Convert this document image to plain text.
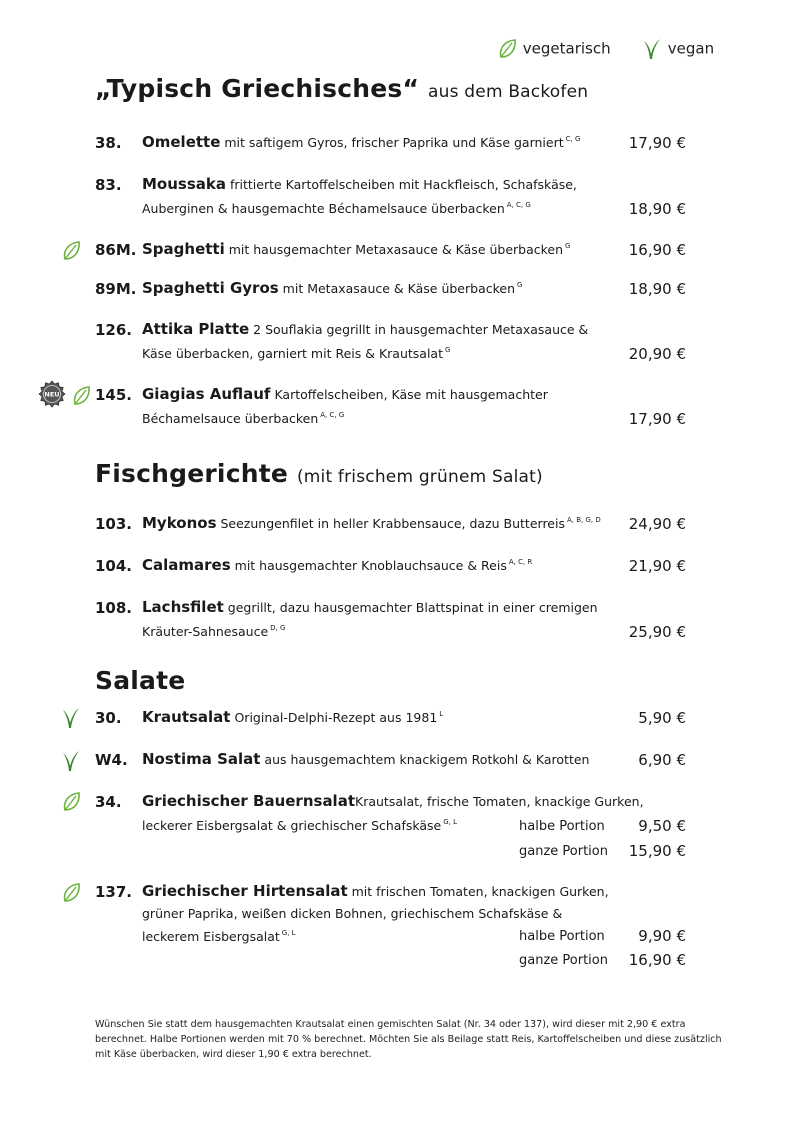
vegetarisch	vegan
„Typisch Griechisches“ aus dem Backofen
38. Omelette mit saftigem Gyros, frischer Paprika und Käse garniert $^{C, G}$	17,90 €
83. Moussaka frittierte Kartoffelscheiben mit Hackfleisch, Schafskäse,
Auberginen & hausgemachte Béchamelsauce überbacken $^{A, C, G}$	18,90 €
86M. Spaghetti mit hausgemachter Metaxasauce & Käse überbacken $^G$	16,90 €
89M. Spaghetti Gyros mit Metaxasauce & Käse überbacken $^G$	18,90 €
126. Attika Platte 2 Souflakia gegrillt in hausgemachter Metaxasauce &
Käse überbacken, garniert mit Reis & Krautsalat $^G$	20,90 €
NEU 145. Giagias Auflauf Kartoffelscheiben, Käse mit hausgemachter
Béchamelsauce überbacken $^{A, C, G}$	17,90 €
Fischgerichte (mit frischem grünem Salat)
103. Mykonos Seezungenfilet in heller Krabbensauce, dazu Butterreis $^{A, B, G, D}$ 24,90 €
104. Calamares mit hausgemachter Knoblauchsauce & Reis $^{A, C, R}$	21,90 €
108. Lachsfilet gegrillt, dazu hausgemachter Blattspinat in einer cremigen
Kräuter-Sahnesauce $^{D, G}$	25,90 €
Salate
30. Krautsalat Original-Delphi-Rezept aus 1981 $^L$	5,90 €
W4. Nostima Salat aus hausgemachtem knackigem Rotkohl & Karotten	6,90 €
34. Griechischer BauernsalatKrautsalat, frische Tomaten, knackige Gurken,
leckerer Eisbergsalat & griechischer Schafskäse $^{G, L}$	halbe Portion 9,50 €
ganze Portion 15,90 €
137. Griechischer Hirtensalat mit frischen Tomaten, knackigen Gurken,
grüner Paprika, weißen dicken Bohnen, griechischem Schafskäse &
leckerem Eisbergsalat $^{G, L}$	halbe Portion 9,90 €
ganze Portion 16,90 €
Wünschen Sie statt dem hausgemachten Krautsalat einen gemischten Salat (Nr. 34 oder 137), wird dieser mit 2,90 € extra berechnet. Halbe Portionen werden mit 70 % berechnet. Möchten Sie als Beilage statt Reis, Kartoffelscheiben und diese zusätzlich mit Käse überbacken, wird dieser 1,90 € extra berechnet.
